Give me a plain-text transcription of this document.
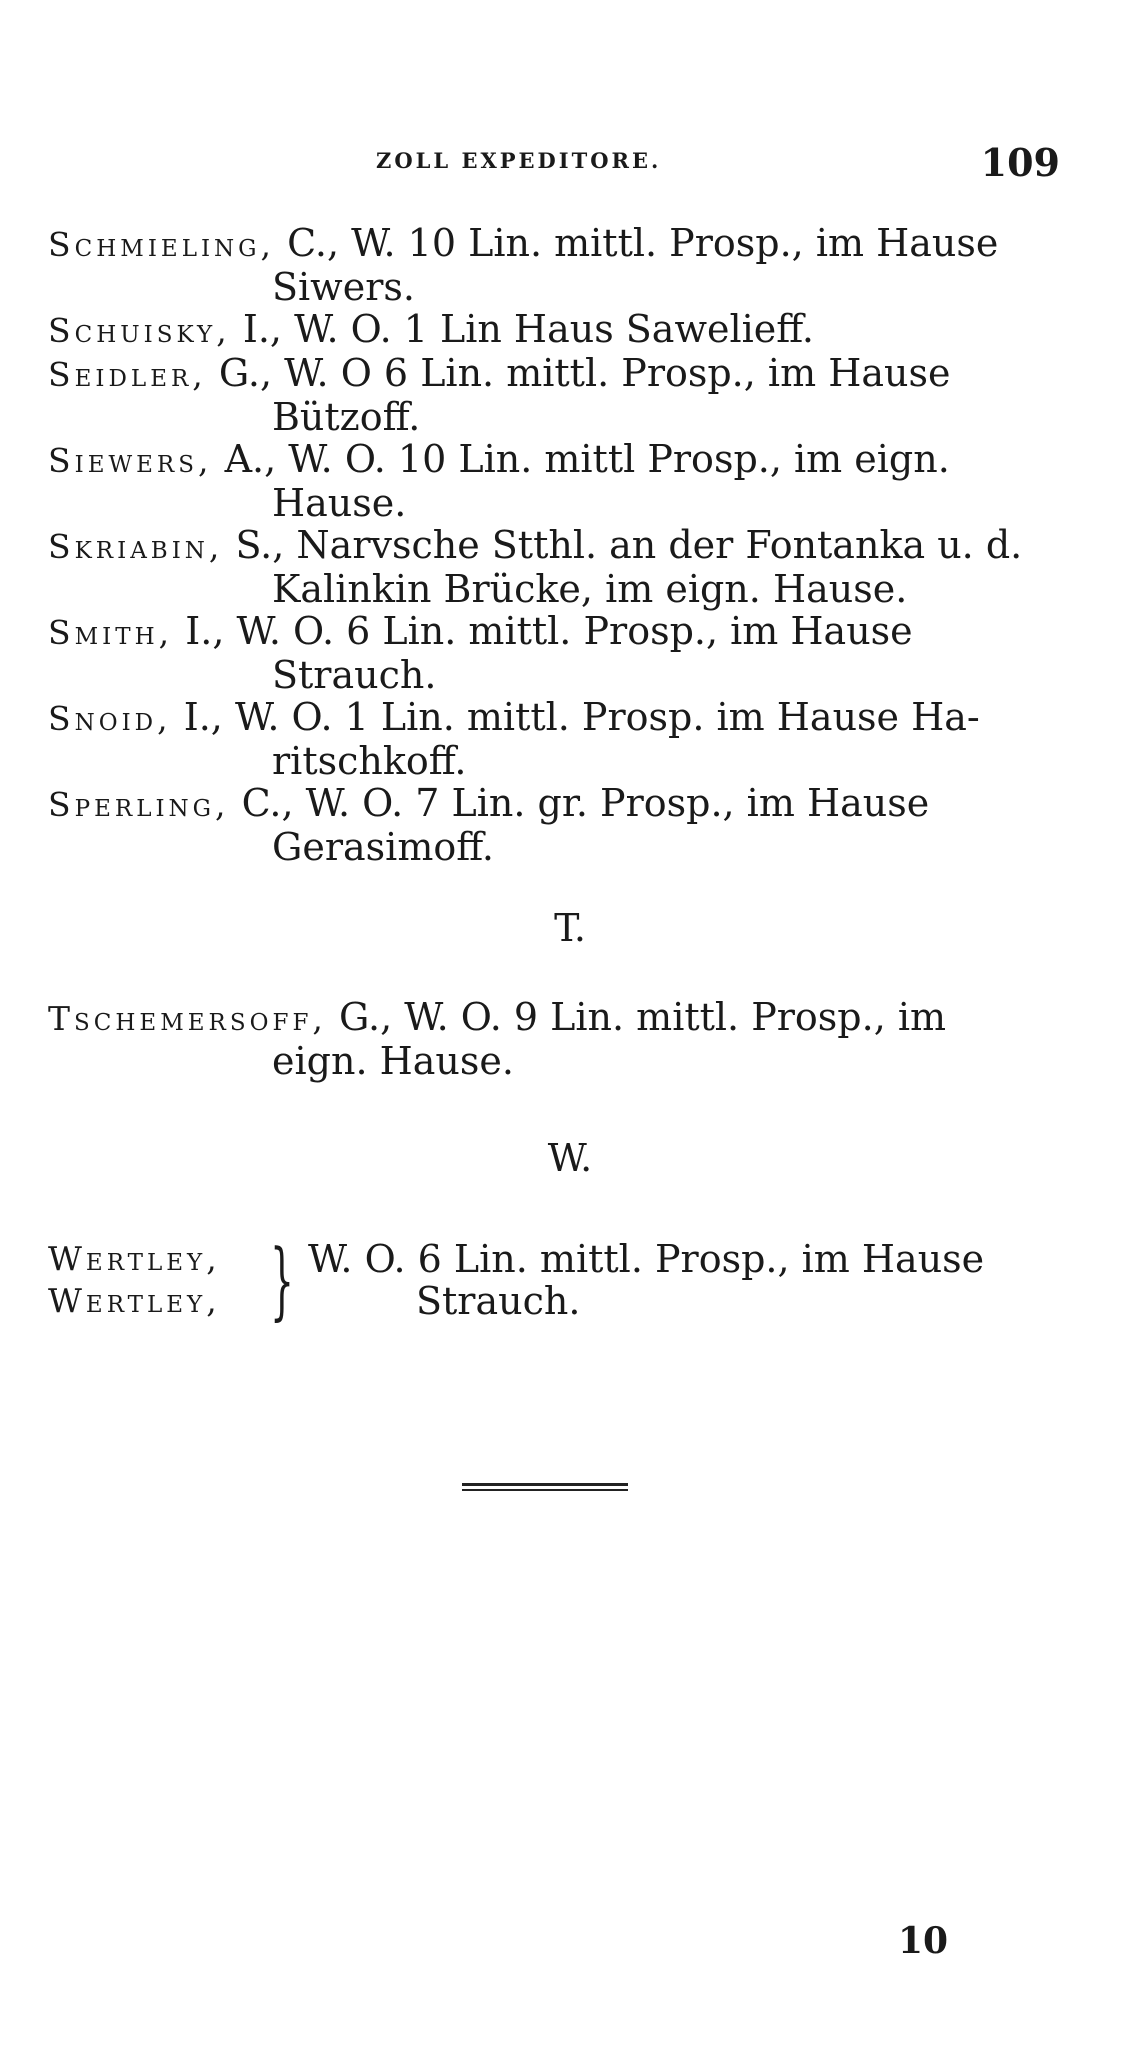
ZOLL EXPEDITORE.	109
Schmieling, C., W. 10 Lin. mittl. Prosp., im Hause
Siwers.
Schuisky, I., W. O. 1 Lin Haus Sawelieff.
Seidler, G., W. O 6 Lin. mittl. Prosp., im Hause
Bützoff.
Siewers, A., W. O. 10 Lin. mittl Prosp., im eign.
Hause.
Skriabin, S., Narvsche Stthl. an der Fontanka u. d.
Kalinkin Brücke, im eign. Hause.
Smith, I., W. O. 6 Lin. mittl. Prosp., im Hause
Strauch.
Snoid, I., W. O. 1 Lin. mittl. Prosp. im Hause Ha-
ritschkoff.
Sperling, C., W. O. 7 Lin. gr. Prosp., im Hause
Gerasimoff.
T.
Tschemersoff, G., W. O. 9 Lin. mittl. Prosp., im
eign. Hause.
W.
Wertley,
Wertley, } W. O. 6 Lin. mittl. Prosp., im Hause
Strauch.
10
